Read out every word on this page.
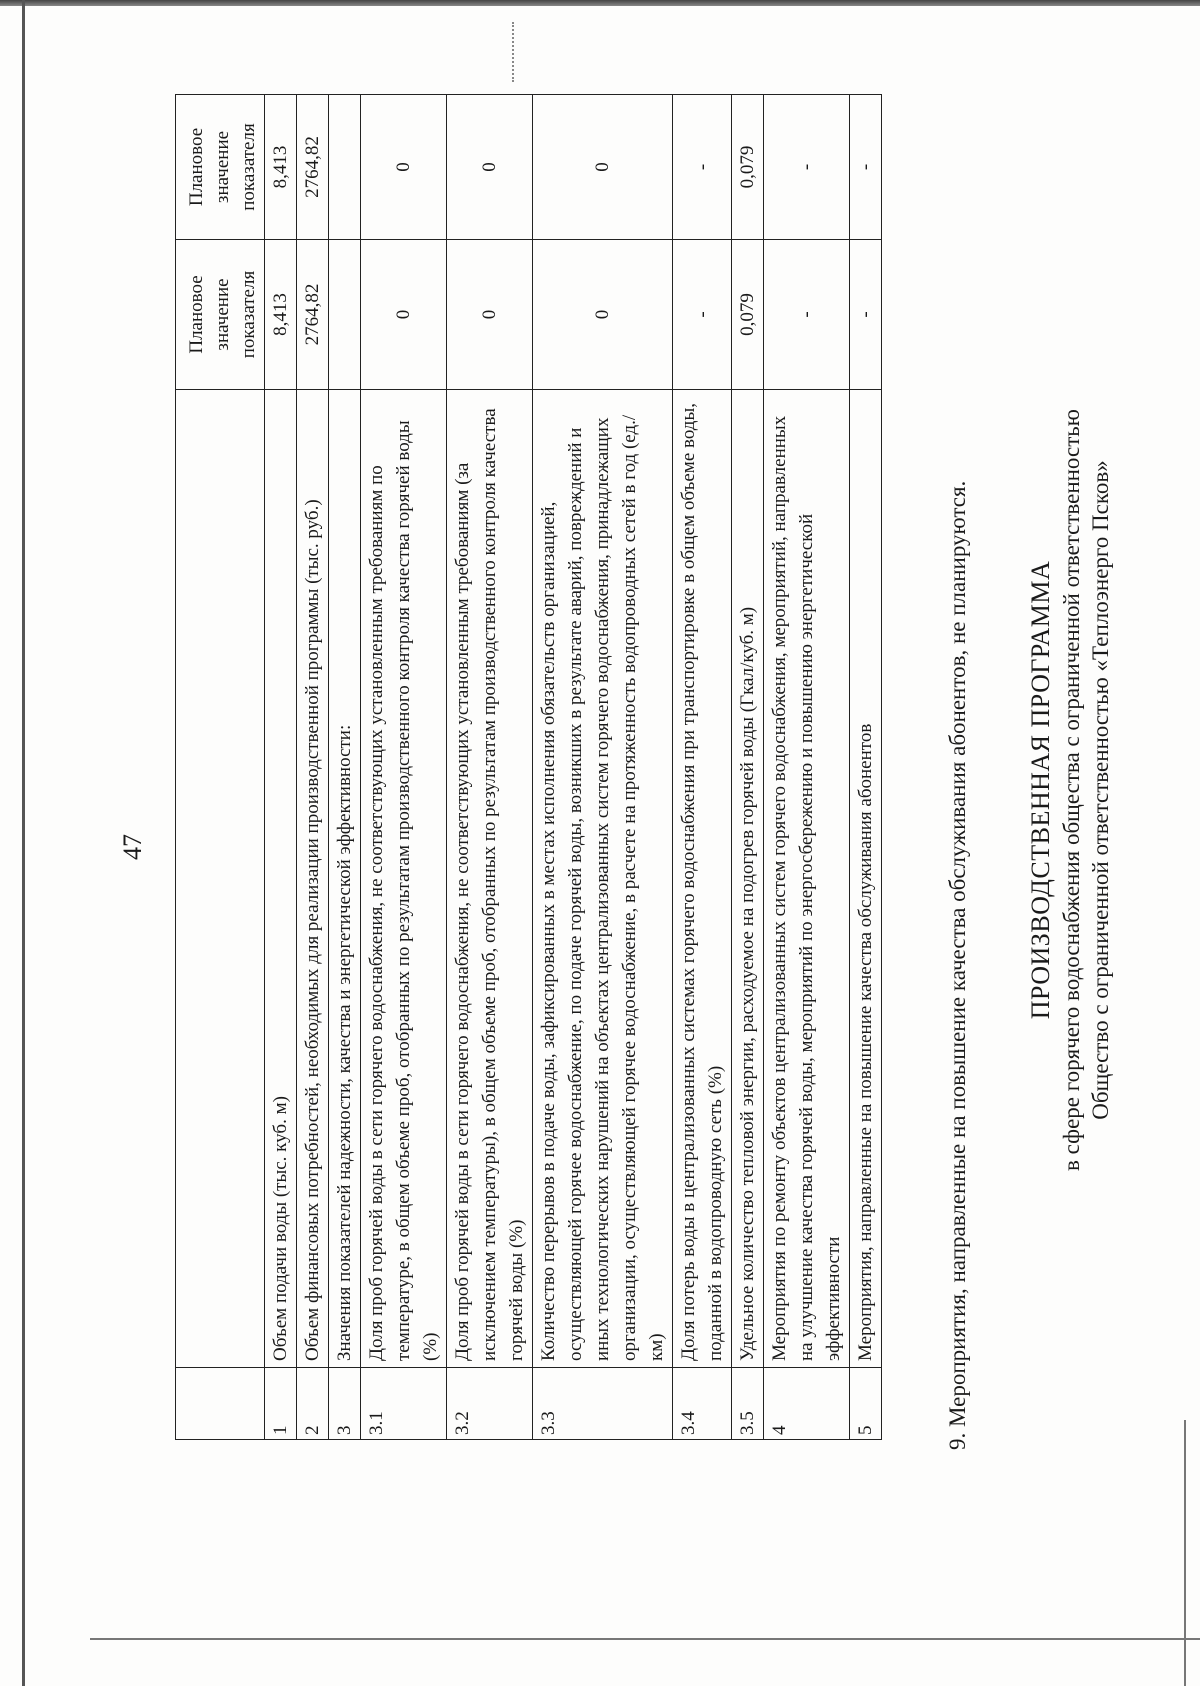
47
		Плановое значение показателя	Плановое значение показателя
1	Объем подачи воды (тыс. куб. м)	8,413	8,413
2	Объем финансовых потребностей, необходимых для реализации производственной программы (тыс. руб.)	2764,82	2764,82
3	Значения показателей надежности, качества и энергетической эффективности:		
3.1	Доля проб горячей воды в сети горячего водоснабжения, не соответствующих установленным требованиям по температуре, в общем объеме проб, отобранных по результатам производственного контроля качества горячей воды (%)	0	0
3.2	Доля проб горячей воды в сети горячего водоснабжения, не соответствующих установленным требованиям (за исключением температуры), в общем объеме проб, отобранных по результатам производственного контроля качества горячей воды (%)	0	0
3.3	Количество перерывов в подаче воды, зафиксированных в местах исполнения обязательств организацией, осуществляющей горячее водоснабжение, по подаче горячей воды, возникших в результате аварий, повреждений и иных технологических нарушений на объектах централизованных систем горячего водоснабжения, принадлежащих организации, осуществляющей горячее водоснабжение, в расчете на протяженность водопроводных сетей в год (ед./км)	0	0
3.4	Доля потерь воды в централизованных системах горячего водоснабжения при транспортировке в общем объеме воды, поданной в водопроводную сеть (%)	-	-
3.5	Удельное количество тепловой энергии, расходуемое на подогрев горячей воды (Гкал/куб. м)	0,079	0,079
4	Мероприятия по ремонту объектов централизованных систем горячего водоснабжения, мероприятий, направленных на улучшение качества горячей воды, мероприятий по энергосбережению и повышению энергетической эффективности	-	-
5	Мероприятия, направленные на повышение качества обслуживания абонентов	-	-
9. Мероприятия, направленные на повышение качества обслуживания абонентов, не планируются. ПРОИЗВОДСТВЕННАЯ ПРОГРАММА в сфере горячего водоснабжения общества с ограниченной ответственностью Общество с ограниченной ответственностью «Теплоэнерго Псков»
